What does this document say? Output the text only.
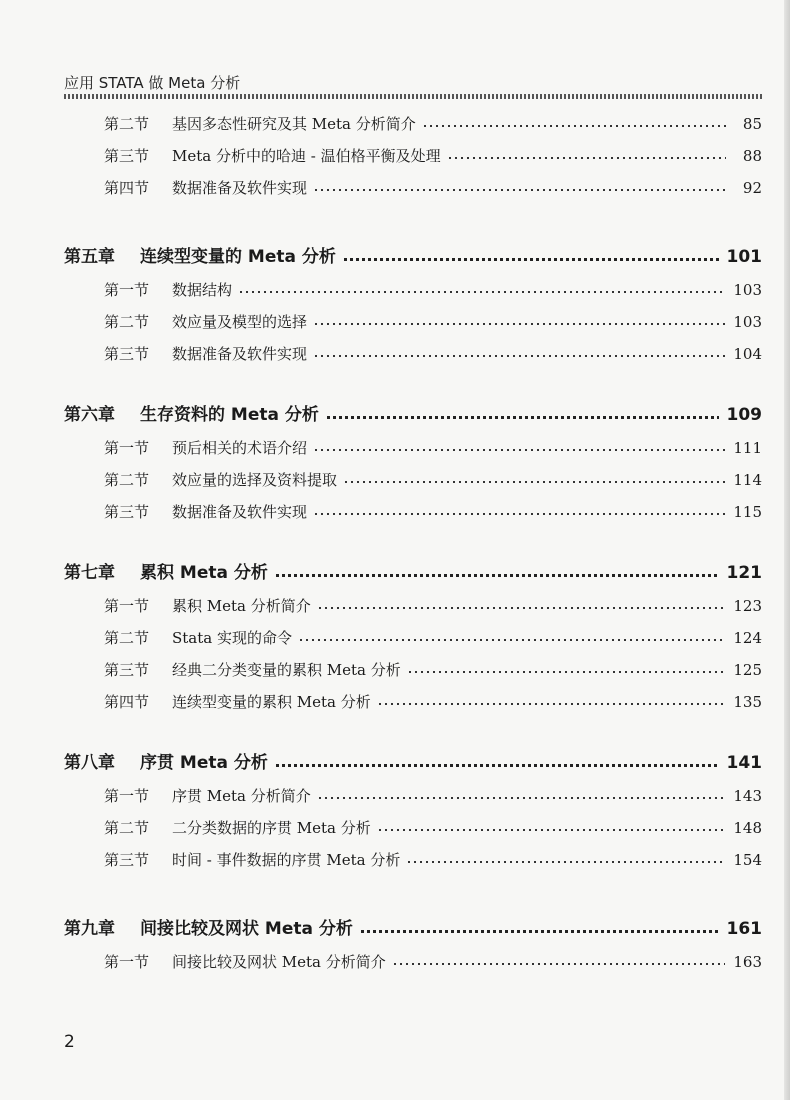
应用 STATA 做 Meta 分析
第二节	基因多态性研究及其 Meta 分析简介	85
第三节	Meta 分析中的哈迪 - 温伯格平衡及处理	88
第四节	数据准备及软件实现	92
第五章	连续型变量的 Meta 分析	101
第一节	数据结构	103
第二节	效应量及模型的选择	103
第三节	数据准备及软件实现	104
第六章	生存资料的 Meta 分析	109
第一节	预后相关的术语介绍	111
第二节	效应量的选择及资料提取	114
第三节	数据准备及软件实现	115
第七章	累积 Meta 分析	121
第一节	累积 Meta 分析简介	123
第二节	Stata 实现的命令	124
第三节	经典二分类变量的累积 Meta 分析	125
第四节	连续型变量的累积 Meta 分析	135
第八章	序贯 Meta 分析	141
第一节	序贯 Meta 分析简介	143
第二节	二分类数据的序贯 Meta 分析	148
第三节	时间 - 事件数据的序贯 Meta 分析	154
第九章	间接比较及网状 Meta 分析	161
第一节	间接比较及网状 Meta 分析简介	163
2
